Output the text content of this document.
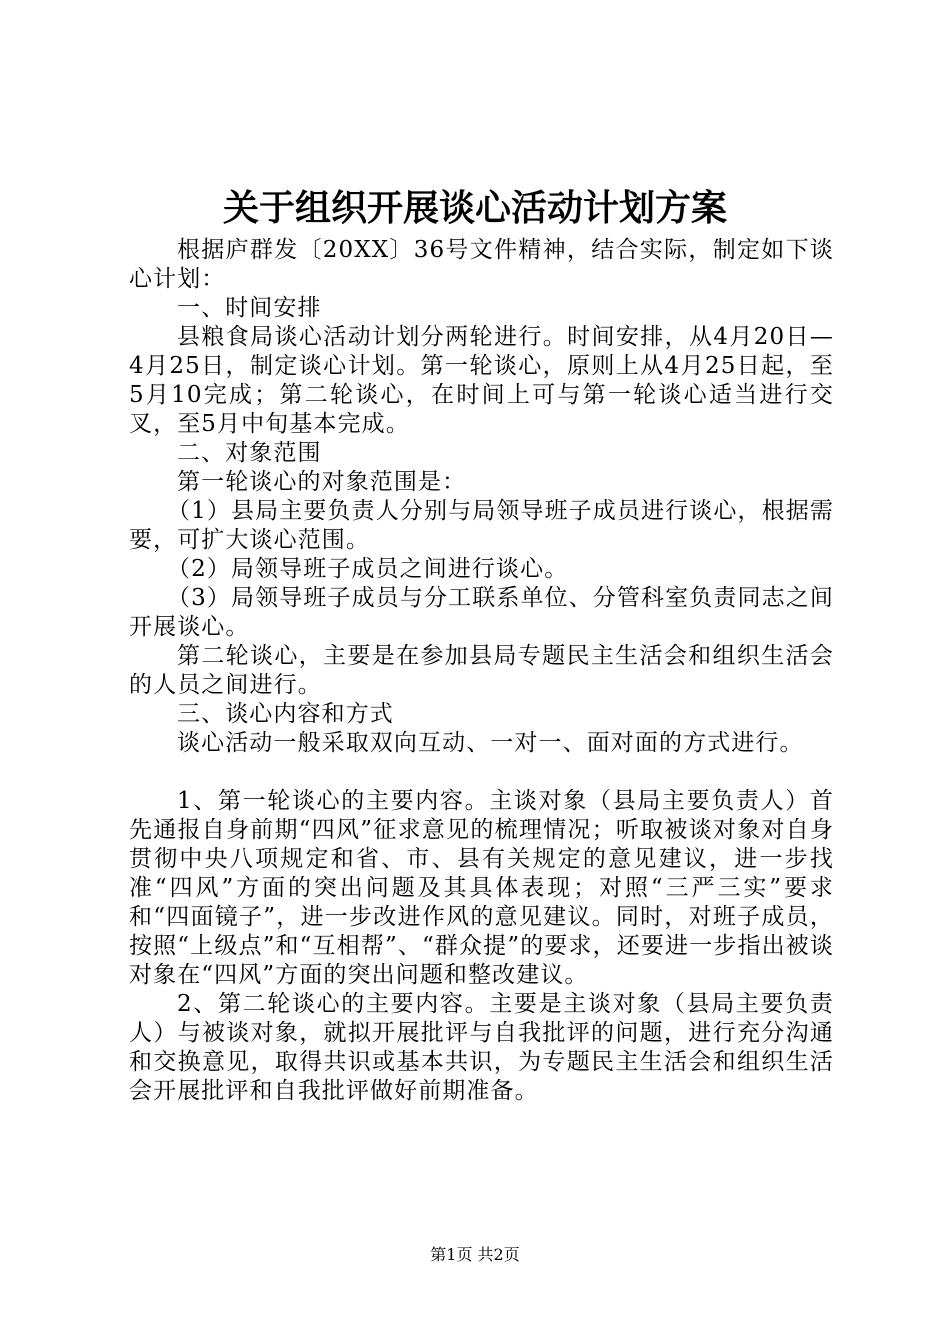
关于组织开展谈心活动计划方案

根据庐群发〔20XX〕36号文件精神，结合实际，制定如下谈心计划：

一、时间安排

县粮食局谈心活动计划分两轮进行。时间安排，从4月20日—4月25日，制定谈心计划。第一轮谈心，原则上从4月25日起，至5月10完成；第二轮谈心，在时间上可与第一轮谈心适当进行交叉，至5月中旬基本完成。

二、对象范围

第一轮谈心的对象范围是：

（1）县局主要负责人分别与局领导班子成员进行谈心，根据需要，可扩大谈心范围。

（2）局领导班子成员之间进行谈心。

（3）局领导班子成员与分工联系单位、分管科室负责同志之间开展谈心。

第二轮谈心，主要是在参加县局专题民主生活会和组织生活会的人员之间进行。

三、谈心内容和方式

谈心活动一般采取双向互动、一对一、面对面的方式进行。

1、第一轮谈心的主要内容。主谈对象（县局主要负责人）首先通报自身前期“四风”征求意见的梳理情况；听取被谈对象对自身贯彻中央八项规定和省、市、县有关规定的意见建议，进一步找准“四风”方面的突出问题及其具体表现；对照“三严三实”要求和“四面镜子”，进一步改进作风的意见建议。同时，对班子成员，按照“上级点”和“互相帮”、“群众提”的要求，还要进一步指出被谈对象在“四风”方面的突出问题和整改建议。

2、第二轮谈心的主要内容。主要是主谈对象（县局主要负责人）与被谈对象，就拟开展批评与自我批评的问题，进行充分沟通和交换意见，取得共识或基本共识，为专题民主生活会和组织生活会开展批评和自我批评做好前期准备。

第1页 共2页
